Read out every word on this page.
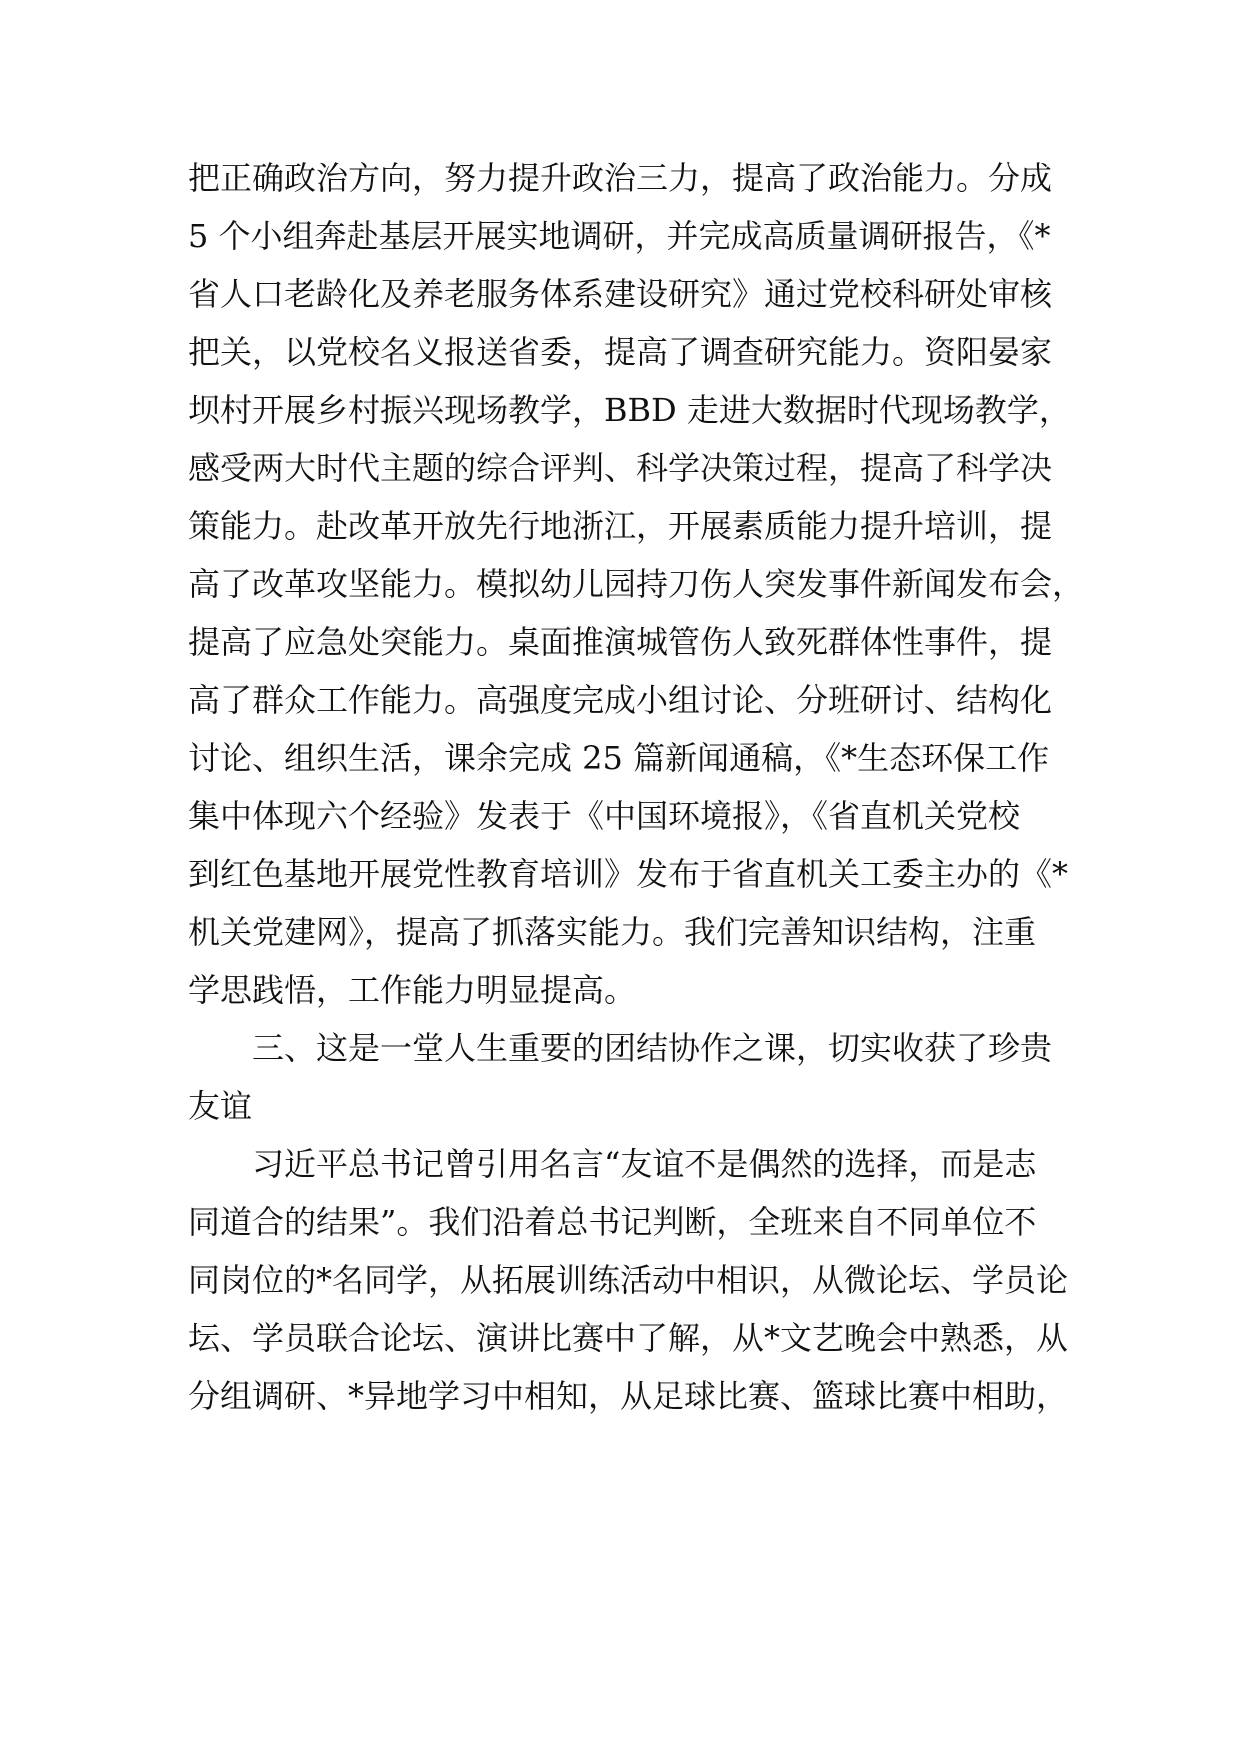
把正确政治方向，努力提升政治三力，提高了政治能力。分成
5 个小组奔赴基层开展实地调研，并完成高质量调研报告，《*
省人口老龄化及养老服务体系建设研究》通过党校科研处审核
把关，以党校名义报送省委，提高了调查研究能力。资阳晏家
坝村开展乡村振兴现场教学，BBD 走进大数据时代现场教学，
感受两大时代主题的综合评判、科学决策过程，提高了科学决
策能力。赴改革开放先行地浙江，开展素质能力提升培训，提
高了改革攻坚能力。模拟幼儿园持刀伤人突发事件新闻发布会，
提高了应急处突能力。桌面推演城管伤人致死群体性事件，提
高了群众工作能力。高强度完成小组讨论、分班研讨、结构化
讨论、组织生活，课余完成 25 篇新闻通稿，《*生态环保工作
集中体现六个经验》发表于《中国环境报》，《省直机关党校
到红色基地开展党性教育培训》发布于省直机关工委主办的《*
机关党建网》，提高了抓落实能力。我们完善知识结构，注重
学思践悟，工作能力明显提高。
三、这是一堂人生重要的团结协作之课，切实收获了珍贵
友谊
习近平总书记曾引用名言“友谊不是偶然的选择，而是志
同道合的结果”。我们沿着总书记判断，全班来自不同单位不
同岗位的*名同学，从拓展训练活动中相识，从微论坛、学员论
坛、学员联合论坛、演讲比赛中了解，从*文艺晚会中熟悉，从
分组调研、*异地学习中相知，从足球比赛、篮球比赛中相助，
